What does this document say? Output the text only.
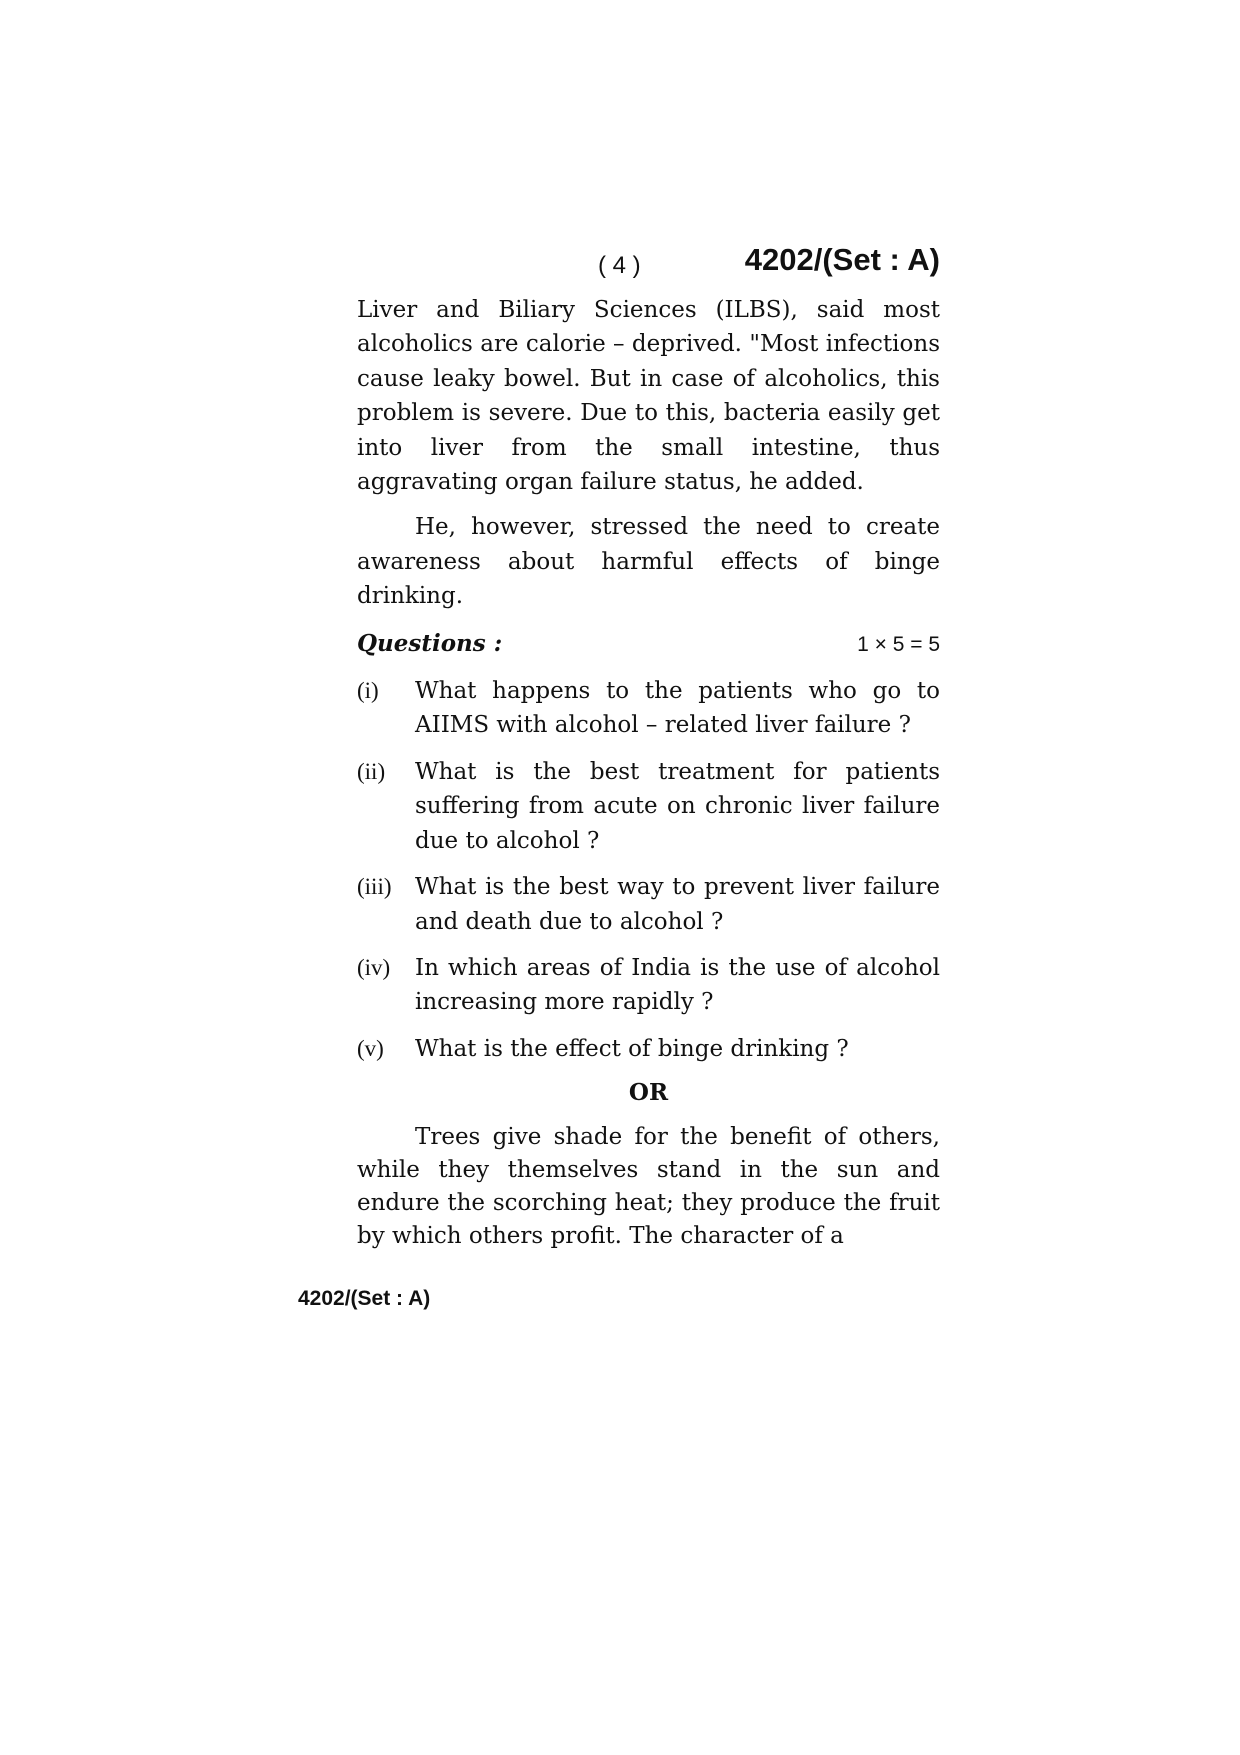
( 4 )	4202/(Set : A)

Liver and Biliary Sciences (ILBS), said most alcoholics are calorie – deprived. "Most infections cause leaky bowel. But in case of alcoholics, this problem is severe. Due to this, bacteria easily get into liver from the small intestine, thus aggravating organ failure status, he added.

He, however, stressed the need to create awareness about harmful effects of binge drinking.

Questions :	1 × 5 = 5
(i)	What happens to the patients who go to AIIMS with alcohol – related liver failure ?
(ii)	What is the best treatment for patients suffering from acute on chronic liver failure due to alcohol ?
(iii)	What is the best way to prevent liver failure and death due to alcohol ?
(iv)	In which areas of India is the use of alcohol increasing more rapidly ?
(v)	What is the effect of binge drinking ?
OR

Trees give shade for the benefit of others, while they themselves stand in the sun and endure the scorching heat; they produce the fruit by which others profit. The character of a

4202/(Set : A)
